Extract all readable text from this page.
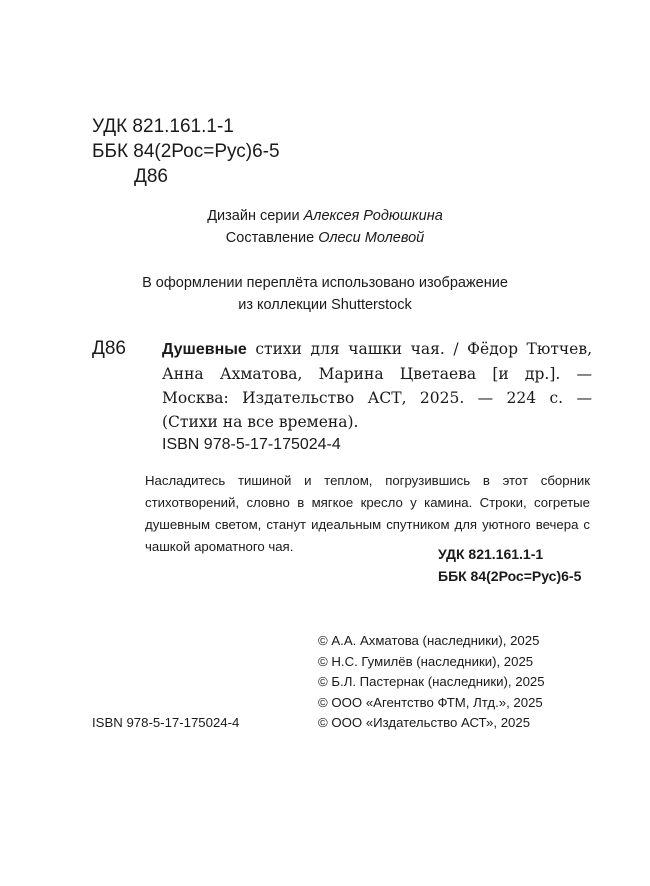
УДК 821.161.1-1
ББК 84(2Рос=Рус)6-5
Д86
Дизайн серии Алексея Родюшкина
Составление Олеси Молевой
В оформлении переплёта использовано изображение
из коллекции Shutterstock
Д86 Душевные стихи для чашки чая. / Фёдор Тютчев, Анна Ахматова, Марина Цветаева [и др.]. — Москва: Издательство АСТ, 2025. — 224 с. — (Стихи на все времена).
ISBN 978-5-17-175024-4
Насладитесь тишиной и теплом, погрузившись в этот сборник стихотворений, словно в мягкое кресло у камина. Строки, согретые душевным светом, станут идеальным спутником для уютного вечера с чашкой ароматного чая.	УДК 821.161.1-1
ББК 84(2Рос=Рус)6-5
© А.А. Ахматова (наследники), 2025
© Н.С. Гумилёв (наследники), 2025
© Б.Л. Пастернак (наследники), 2025
© ООО «Агентство ФТМ, Лтд.», 2025
© ООО «Издательство АСТ», 2025
ISBN 978-5-17-175024-4
